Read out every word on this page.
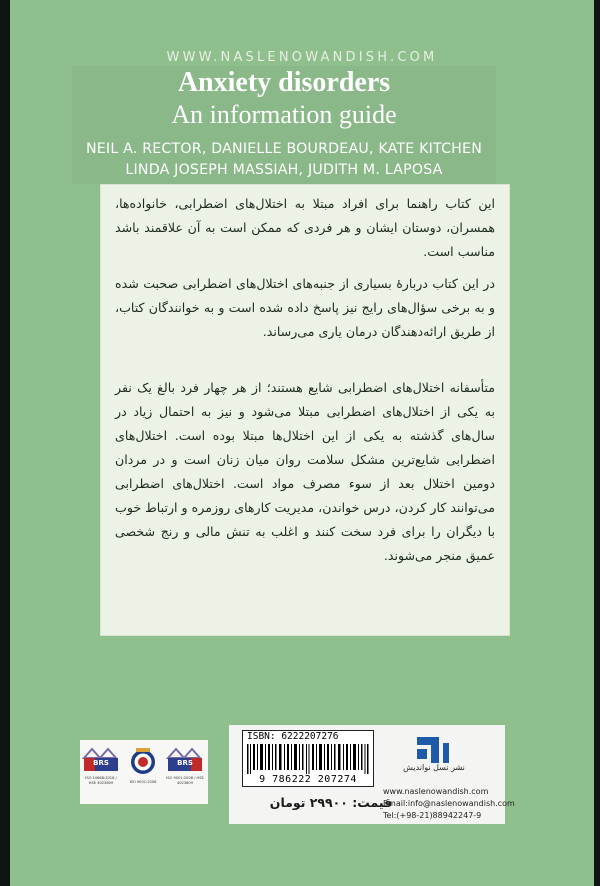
WWW.NASLENOWANDISH.COM
Anxiety disorders
An information guide
NEIL A. RECTOR, DANIELLE BOURDEAU, KATE KITCHEN
LINDA JOSEPH MASSIAH, JUDITH M. LAPOSA
این کتاب راهنما برای افراد مبتلا به اختلال‌های اضطرابی، خانواده‌ها، همسران، دوستان ایشان و هر فردی که ممکن است به آن علاقمند باشد مناسب است.
در این کتاب دربارهٔ بسیاری از جنبه‌های اختلال‌های اضطرابی صحبت شده و به برخی سؤال‌های رایج نیز پاسخ داده شده است و به خوانندگان کتاب، از طریق ارائه‌دهندگان درمان یاری می‌رساند.
متأسفانه اختلال‌های اضطرابی شایع هستند؛ از هر چهار فرد بالغ یک نفر به یکی از اختلال‌های اضطرابی مبتلا می‌شود و نیز به احتمال زیاد در سال‌های گذشته به یکی از این اختلال‌ها مبتلا بوده است. اختلال‌های اضطرابی شایع‌ترین مشکل سلامت روان میان زنان است و در مردان دومین اختلال بعد از سوء مصرف مواد است. اختلال‌های اضطرابی می‌توانند کار کردن، درس خواندن، مدیریت کارهای روزمره و ارتباط خوب با دیگران را برای فرد سخت کنند و اغلب به تنش مالی و رنج شخصی عمیق منجر می‌شوند.
BRS
ISO 10668:2018 / HSE 4023809	ISO 9001:2008
BRS
ISO 9001:2008 / HSE 4023809
ISBN: 6222207276
9 786222 207274
نشر نسل نواندیش
www.naslenowandish.com
Email:info@naslenowandish.com
Tel:(+98-21)88942247-9
قیمت: ۲۹۹۰۰ تومان
